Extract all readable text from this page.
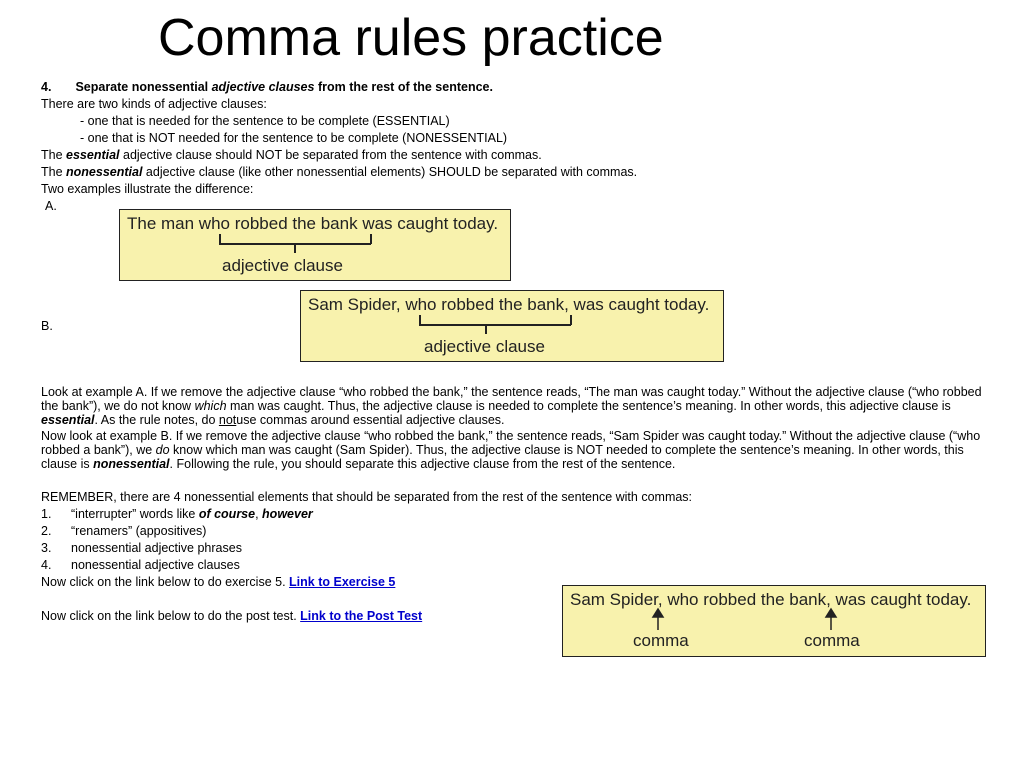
Comma rules practice
4. Separate nonessential adjective clauses from the rest of the sentence.
There are two kinds of adjective clauses:
- one that is needed for the sentence to be complete (ESSENTIAL)
- one that is NOT needed for the sentence to be complete (NONESSENTIAL)
The essential adjective clause should NOT be separated from the sentence with commas.
The nonessential adjective clause (like other nonessential elements) SHOULD be separated with commas.
Two examples illustrate the difference:
A.
B.
The man who robbed the bank was caught today.
adjective clause
Sam Spider, who robbed the bank, was caught today.
adjective clause
Look at example A. If we remove the adjective clause “who robbed the bank,” the sentence reads, “The man was caught today.” Without the adjective clause (“who robbed the bank”), we do not know which man was caught. Thus, the adjective clause is needed to complete the sentence’s meaning. In other words, this adjective clause is essential. As the rule notes, do notuse commas around essential adjective clauses.
Now look at example B. If we remove the adjective clause “who robbed the bank,” the sentence reads, “Sam Spider was caught today.” Without the adjective clause (“who robbed a bank”), we do know which man was caught (Sam Spider). Thus, the adjective clause is NOT needed to complete the sentence’s meaning. In other words, this clause is nonessential. Following the rule, you should separate this adjective clause from the rest of the sentence.
REMEMBER, there are 4 nonessential elements that should be separated from the rest of the sentence with commas:
1. “interrupter” words like of course, however
2. “renamers” (appositives)
3. nonessential adjective phrases
4. nonessential adjective clauses
Now click on the link below to do exercise 5. Link to Exercise 5
Now click on the link below to do the post test. Link to the Post Test
Sam Spider, who robbed the bank, was caught today.
comma	comma
